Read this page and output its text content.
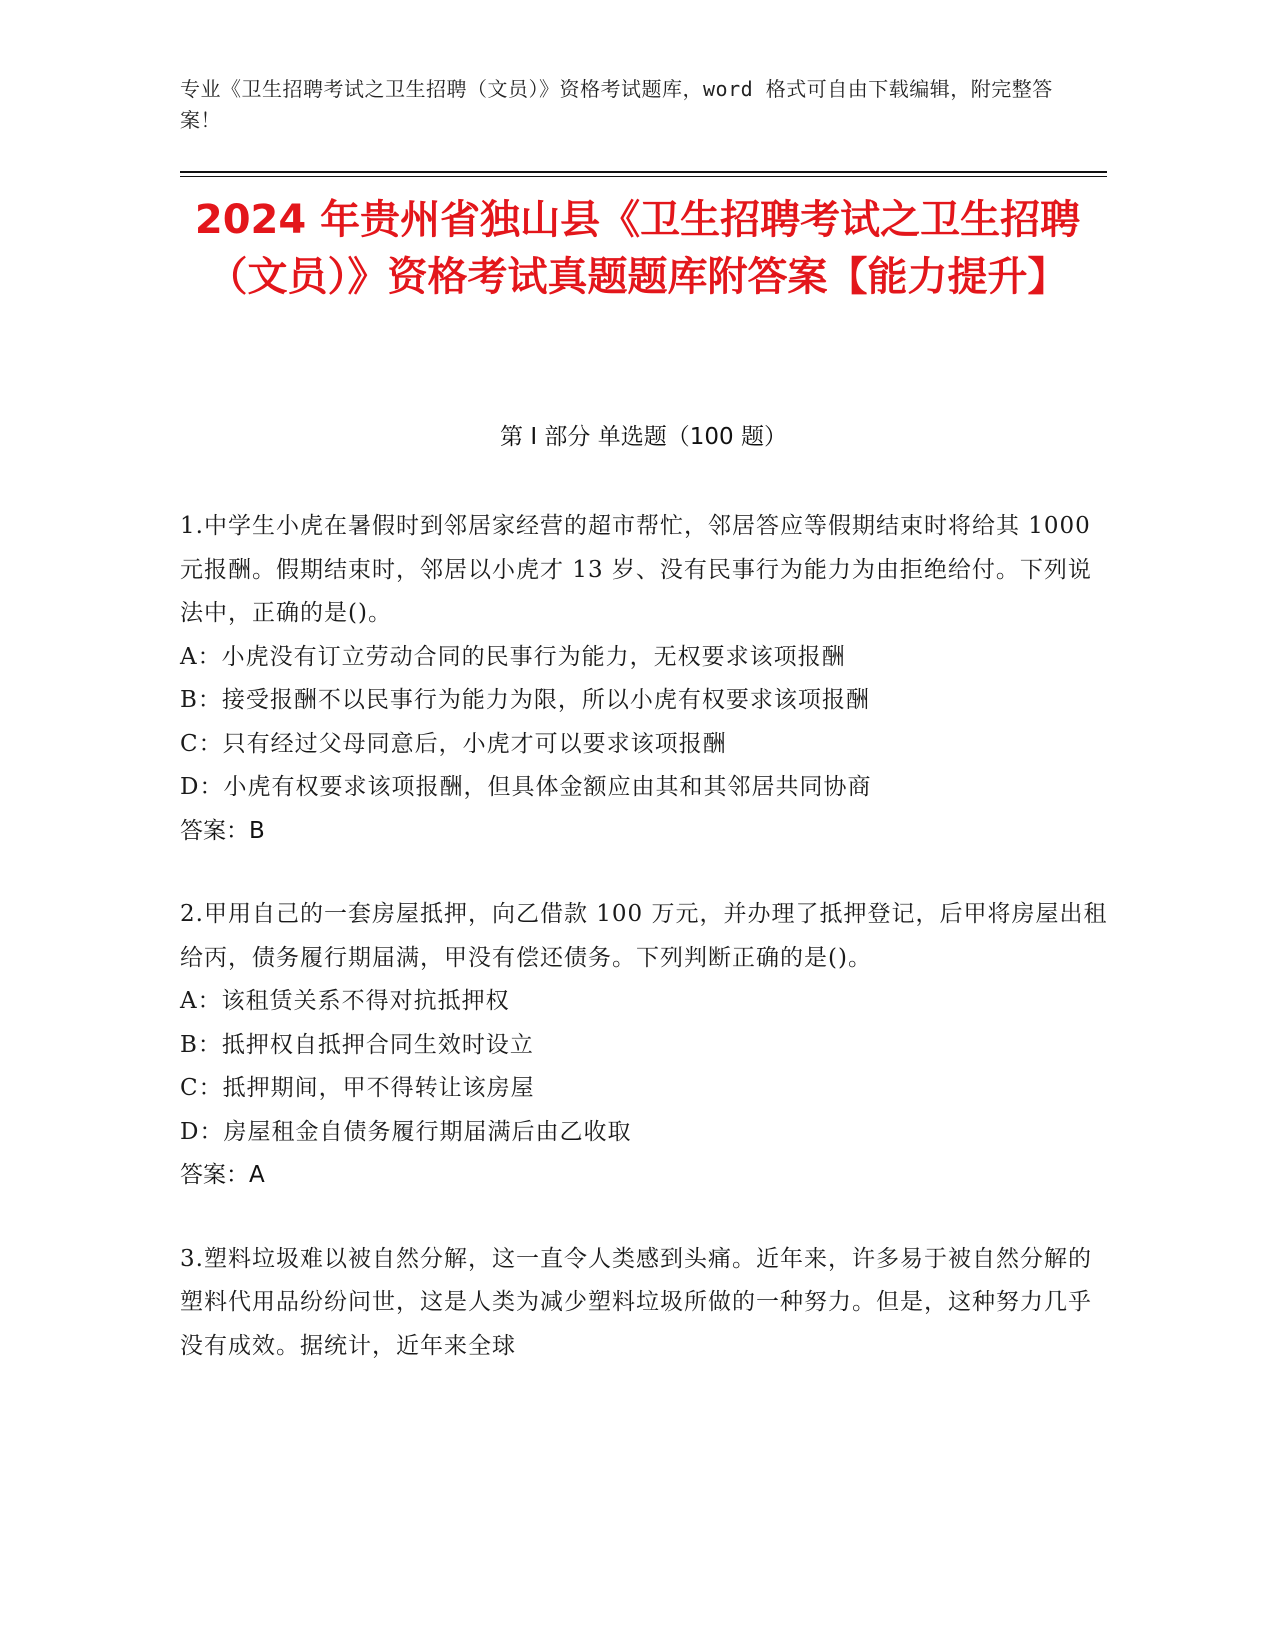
专业《卫生招聘考试之卫生招聘（文员）》资格考试题库，word 格式可自由下载编辑，附完整答案！
2024 年贵州省独山县《卫生招聘考试之卫生招聘（文员）》资格考试真题题库附答案【能力提升】
第 I 部分 单选题（100 题）
1.中学生小虎在暑假时到邻居家经营的超市帮忙，邻居答应等假期结束时将给其 1000 元报酬。假期结束时，邻居以小虎才 13 岁、没有民事行为能力为由拒绝给付。下列说法中，正确的是()。
A：小虎没有订立劳动合同的民事行为能力，无权要求该项报酬
B：接受报酬不以民事行为能力为限，所以小虎有权要求该项报酬
C：只有经过父母同意后，小虎才可以要求该项报酬
D：小虎有权要求该项报酬，但具体金额应由其和其邻居共同协商
答案：B
2.甲用自己的一套房屋抵押，向乙借款 100 万元，并办理了抵押登记，后甲将房屋出租给丙，债务履行期届满，甲没有偿还债务。下列判断正确的是()。
A：该租赁关系不得对抗抵押权
B：抵押权自抵押合同生效时设立
C：抵押期间，甲不得转让该房屋
D：房屋租金自债务履行期届满后由乙收取
答案：A
3.塑料垃圾难以被自然分解，这一直令人类感到头痛。近年来，许多易于被自然分解的塑料代用品纷纷问世，这是人类为减少塑料垃圾所做的一种努力。但是，这种努力几乎没有成效。据统计，近年来全球
